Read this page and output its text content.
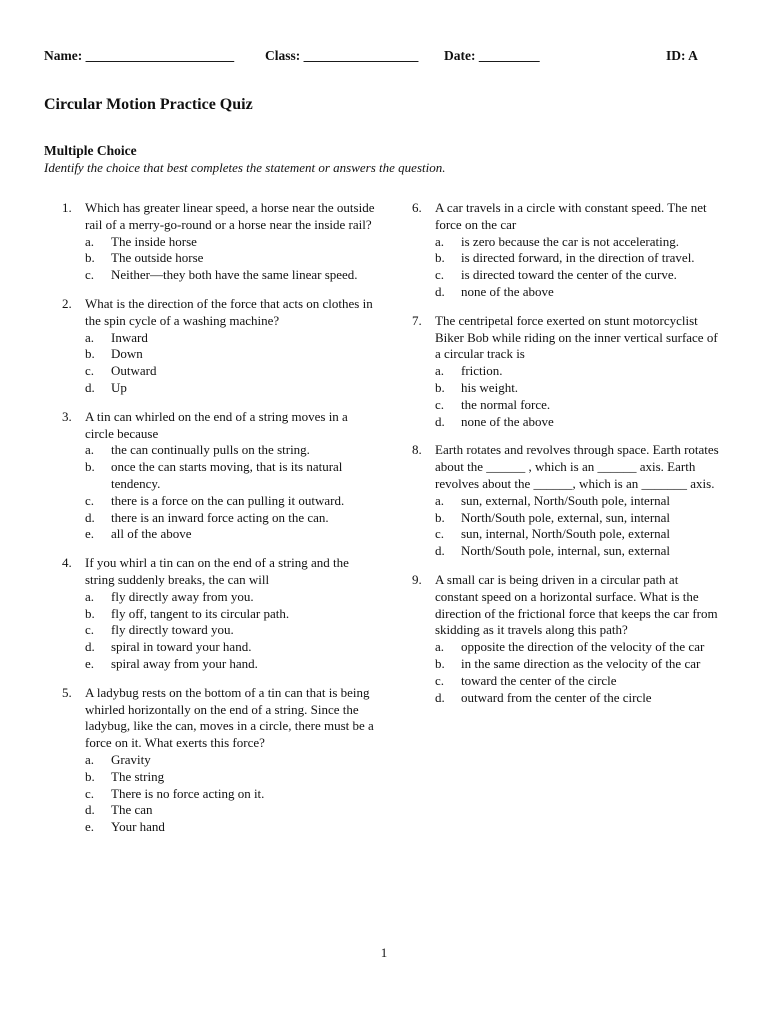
Name: ______________________ Class: _________________ Date: _________	ID: A
Circular Motion Practice Quiz
Multiple Choice
Identify the choice that best completes the statement or answers the question.
1. Which has greater linear speed, a horse near the outside rail of a merry-go-round or a horse near the inside rail?
a. The inside horse
b. The outside horse
c. Neither—they both have the same linear speed.
2. What is the direction of the force that acts on clothes in the spin cycle of a washing machine?
a. Inward
b. Down
c. Outward
d. Up
3. A tin can whirled on the end of a string moves in a circle because
a. the can continually pulls on the string.
b. once the can starts moving, that is its natural tendency.
c. there is a force on the can pulling it outward.
d. there is an inward force acting on the can.
e. all of the above
4. If you whirl a tin can on the end of a string and the string suddenly breaks, the can will
a. fly directly away from you.
b. fly off, tangent to its circular path.
c. fly directly toward you.
d. spiral in toward your hand.
e. spiral away from your hand.
5. A ladybug rests on the bottom of a tin can that is being whirled horizontally on the end of a string. Since the ladybug, like the can, moves in a circle, there must be a force on it. What exerts this force?
a. Gravity
b. The string
c. There is no force acting on it.
d. The can
e. Your hand
6. A car travels in a circle with constant speed. The net force on the car
a. is zero because the car is not accelerating.
b. is directed forward, in the direction of travel.
c. is directed toward the center of the curve.
d. none of the above
7. The centripetal force exerted on stunt motorcyclist Biker Bob while riding on the inner vertical surface of a circular track is
a. friction.
b. his weight.
c. the normal force.
d. none of the above
8. Earth rotates and revolves through space. Earth rotates about the ______ , which is an ______ axis. Earth revolves about the ______, which is an _______ axis.
a. sun, external, North/South pole, internal
b. North/South pole, external, sun, internal
c. sun, internal, North/South pole, external
d. North/South pole, internal, sun, external
9. A small car is being driven in a circular path at constant speed on a horizontal surface. What is the direction of the frictional force that keeps the car from skidding as it travels along this path?
a. opposite the direction of the velocity of the car
b. in the same direction as the velocity of the car
c. toward the center of the circle
d. outward from the center of the circle
1
